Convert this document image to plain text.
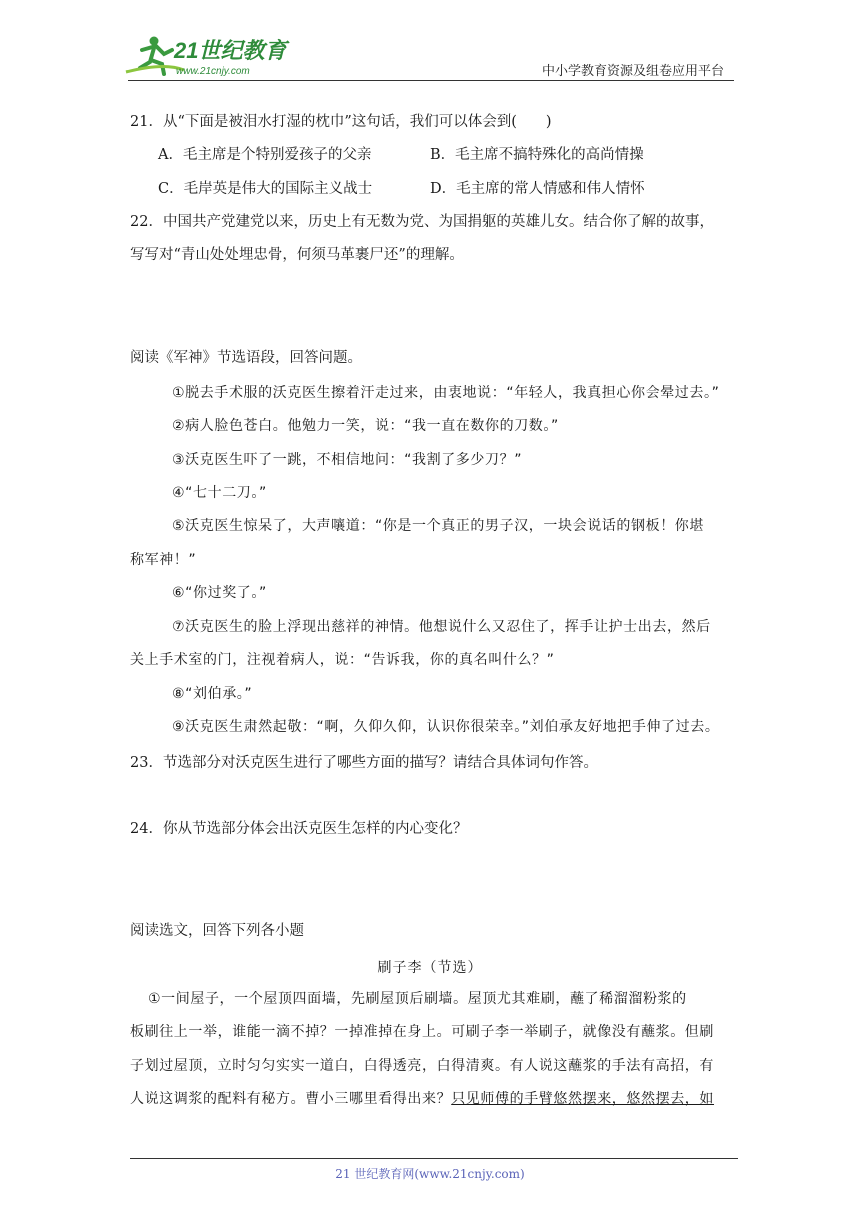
21世纪教育
www.21cnjy.com	中小学教育资源及组卷应用平台
21．从“下面是被泪水打湿的枕巾”这句话，我们可以体会到(　　)
A．毛主席是个特别爱孩子的父亲	B．毛主席不搞特殊化的高尚情操
C．毛岸英是伟大的国际主义战士	D．毛主席的常人情感和伟人情怀
22．中国共产党建党以来，历史上有无数为党、为国捐躯的英雄儿女。结合你了解的故事，
写写对“青山处处埋忠骨，何须马革裹尸还”的理解。
阅读《军神》节选语段，回答问题。
①脱去手术服的沃克医生擦着汗走过来，由衷地说：“年轻人，我真担心你会晕过去。”
②病人脸色苍白。他勉力一笑，说：“我一直在数你的刀数。”
③沃克医生吓了一跳，不相信地问：“我割了多少刀？”
④“七十二刀。”
⑤沃克医生惊呆了，大声嚷道：“你是一个真正的男子汉，一块会说话的钢板！你堪
称军神！”
⑥“你过奖了。”
⑦沃克医生的脸上浮现出慈祥的神情。他想说什么又忍住了，挥手让护士出去，然后
关上手术室的门，注视着病人，说：“告诉我，你的真名叫什么？”
⑧“刘伯承。”
⑨沃克医生肃然起敬：“啊，久仰久仰，认识你很荣幸。”刘伯承友好地把手伸了过去。
23．节选部分对沃克医生进行了哪些方面的描写？请结合具体词句作答。
24．你从节选部分体会出沃克医生怎样的内心变化？
阅读选文，回答下列各小题
刷子李（节选）
①一间屋子，一个屋顶四面墙，先刷屋顶后刷墙。屋顶尤其难刷，蘸了稀溜溜粉浆的
板刷往上一举，谁能一滴不掉？一掉准掉在身上。可刷子李一举刷子，就像没有蘸浆。但刷
子划过屋顶，立时匀匀实实一道白，白得透亮，白得清爽。有人说这蘸浆的手法有高招，有
人说这调浆的配料有秘方。曹小三哪里看得出来？只见师傅的手臂悠然摆来，悠然摆去，如
21 世纪教育网(www.21cnjy.com)
